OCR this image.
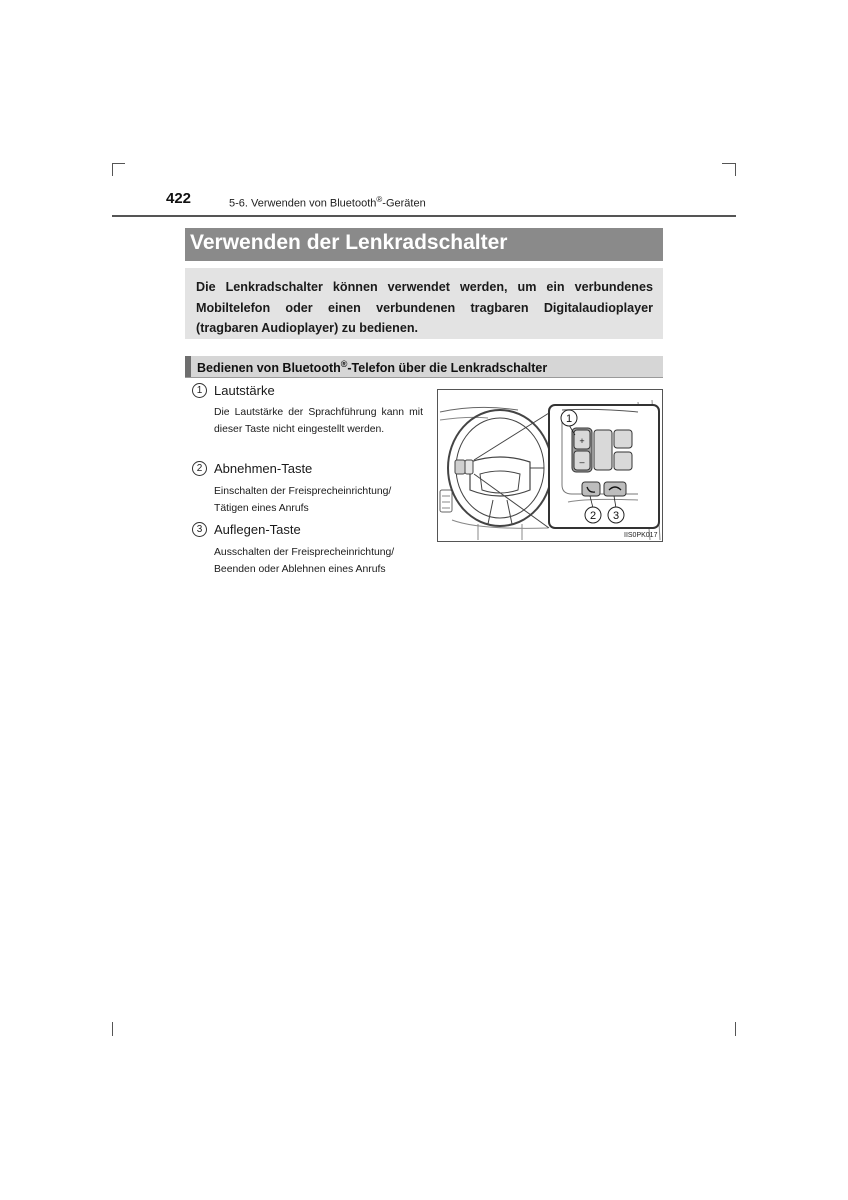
422	5-6. Verwenden von Bluetooth®-Geräten
Verwenden der Lenkradschalter

Die Lenkradschalter können verwendet werden, um ein verbundenes Mobiltelefon oder einen verbundenen tragbaren Digitalaudioplayer (tragbaren Audioplayer) zu bedienen.

Bedienen von Bluetooth®-Telefon über die Lenkradschalter
1 Lautstärke
Die Lautstärke der Sprachführung kann mit dieser Taste nicht eingestellt werden.
2 Abnehmen-Taste
Einschalten der Freisprecheinrichtung/
Tätigen eines Anrufs
3 Auflegen-Taste
Ausschalten der Freisprecheinrichtung/
Beenden oder Ablehnen eines Anrufs
+
–
1
2 3
IIS0PK017
